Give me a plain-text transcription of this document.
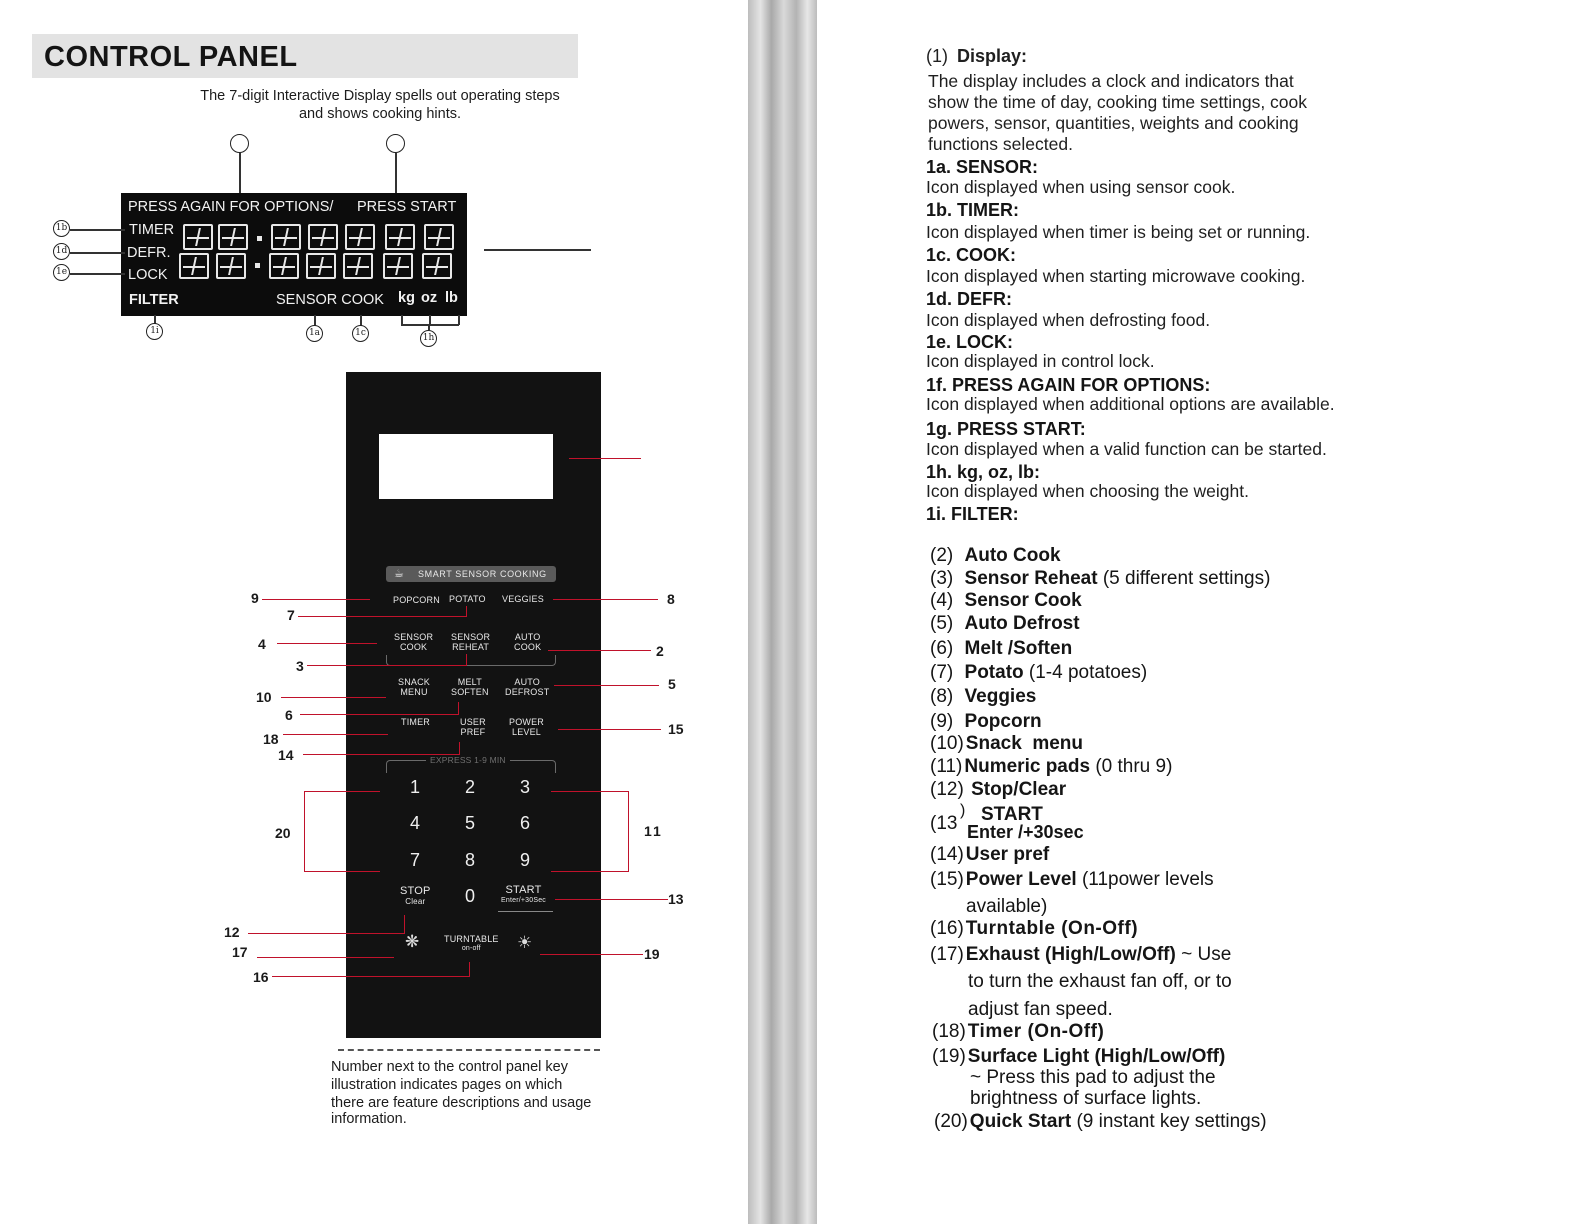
CONTROL PANEL
The 7-digit Interactive Display spells out operating steps
and shows cooking hints.
PRESS AGAIN FOR OPTIONS/ PRESS START
TIMER
DEFR.
LOCK
FILTER	SENSOR COOK kg oz lb
1b
1d
1e
1i	1a	1c	1h
☕ SMART SENSOR COOKING
POPCORN POTATO VEGGIES
SENSOR
COOK
SENSOR
REHEAT
AUTO
COOK
SNACK
MENU
MELT
SOFTEN
AUTO
DEFROST
TIMER	USER
PREF
POWER
LEVEL
EXPRESS 1-9 MIN
1	2	3
4	5	6
7	8	9
0
STOP
Clear
START
Enter/+30Sec
❋	TURNTABLE
on-off	☀
9
7
4
3
10
6
18
14
20
12
17
16
8
2
5
15
11
13
19
Number next to the control panel key
illustration indicates pages on which
there are feature descriptions and usage
information.
(1) Display:
The display includes a clock and indicators that
show the time of day, cooking time settings, cook
powers, sensor, quantities, weights and cooking
functions selected.
1a. SENSOR:
Icon displayed when using sensor cook.
1b. TIMER:
Icon displayed when timer is being set or running.
1c. COOK:
Icon displayed when starting microwave cooking.
1d. DEFR:
Icon displayed when defrosting food.
1e. LOCK:
Icon displayed in control lock.
1f. PRESS AGAIN FOR OPTIONS:
Icon displayed when additional options are available.
1g. PRESS START:
Icon displayed when a valid function can be started.
1h. kg, oz, lb:
Icon displayed when choosing the weight.
1i. FILTER:
(2) Auto Cook
(3) Sensor Reheat (5 different settings)
(4) Sensor Cook
(5) Auto Defrost
(6) Melt /Soften
(7) Potato (1-4 potatoes)
(8) Veggies
(9) Popcorn
(10) Snack  menu
(11) Numeric pads (0 thru 9)
(12) Stop/Clear
(13
) START
Enter /+30sec
(14) User pref
(15) Power Level (11power levels
available)
(16) Turntable (On-Off)
(17) Exhaust (High/Low/Off) ~ Use
to turn the exhaust fan off, or to
adjust fan speed.
(18) Timer (On-Off)
(19) Surface Light (High/Low/Off)
~ Press this pad to adjust the
brightness of surface lights.
(20) Quick Start (9 instant key settings)
